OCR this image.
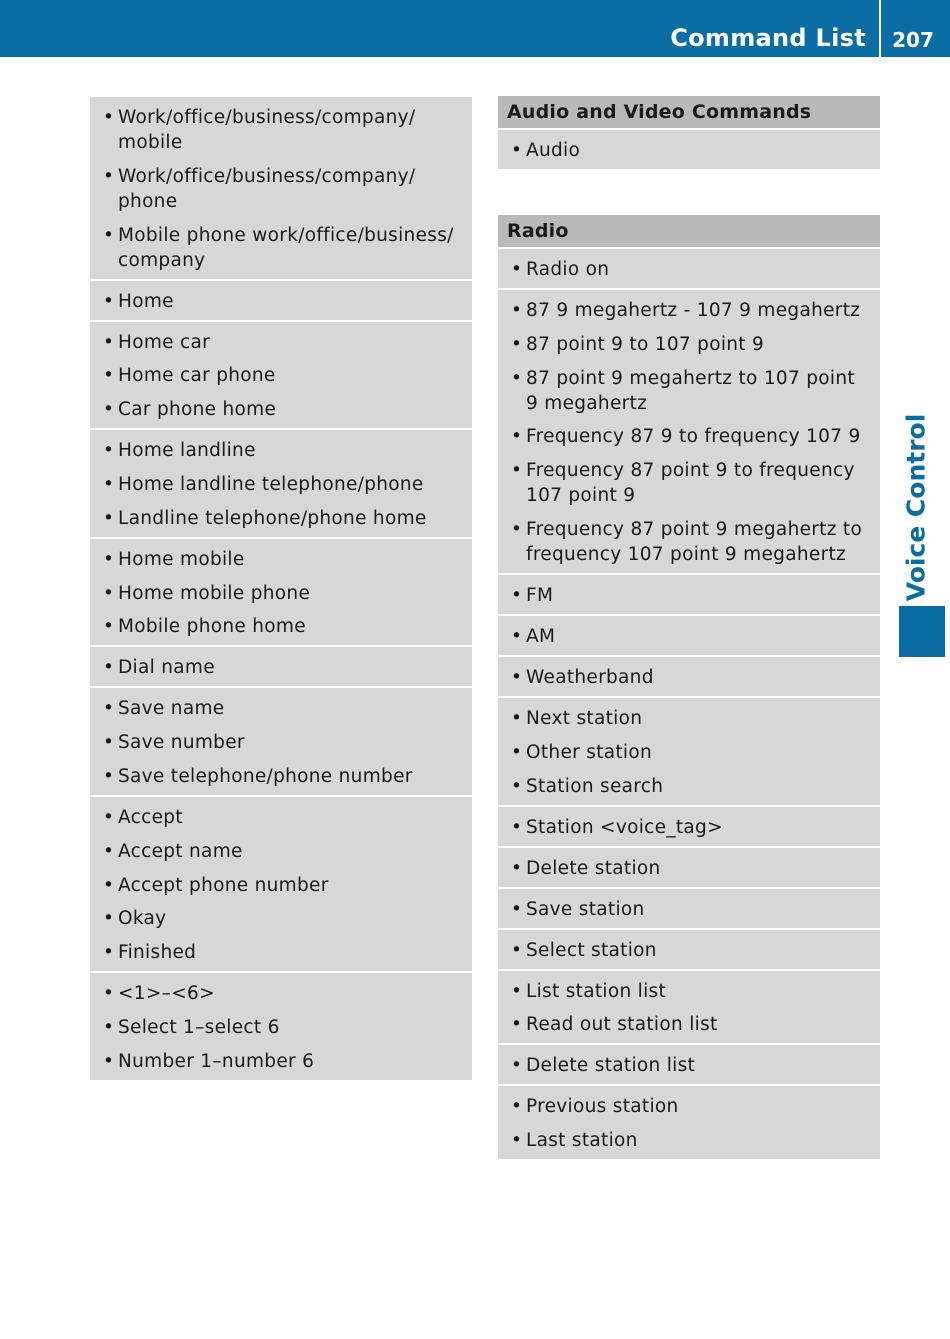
Command List	207
Voice Control
• Work/office/business/company/ mobile
• Work/office/business/company/ phone
• Mobile phone work/office/business/ company
• Home
• Home car
• Home car phone
• Car phone home
• Home landline
• Home landline telephone/phone
• Landline telephone/phone home
• Home mobile
• Home mobile phone
• Mobile phone home
• Dial name
• Save name
• Save number
• Save telephone/phone number
• Accept
• Accept name
• Accept phone number
• Okay
• Finished
• <1>–<6>
• Select 1–select 6
• Number 1–number 6
Audio and Video Commands
• Audio
Radio
• Radio on
• 87 9 megahertz - 107 9 megahertz
• 87 point 9 to 107 point 9
• 87 point 9 megahertz to 107 point 9 megahertz
• Frequency 87 9 to frequency 107 9
• Frequency 87 point 9 to frequency 107 point 9
• Frequency 87 point 9 megahertz to frequency 107 point 9 megahertz
• FM
• AM
• Weatherband
• Next station
• Other station
• Station search
• Station <voice_tag>
• Delete station
• Save station
• Select station
• List station list
• Read out station list
• Delete station list
• Previous station
• Last station
